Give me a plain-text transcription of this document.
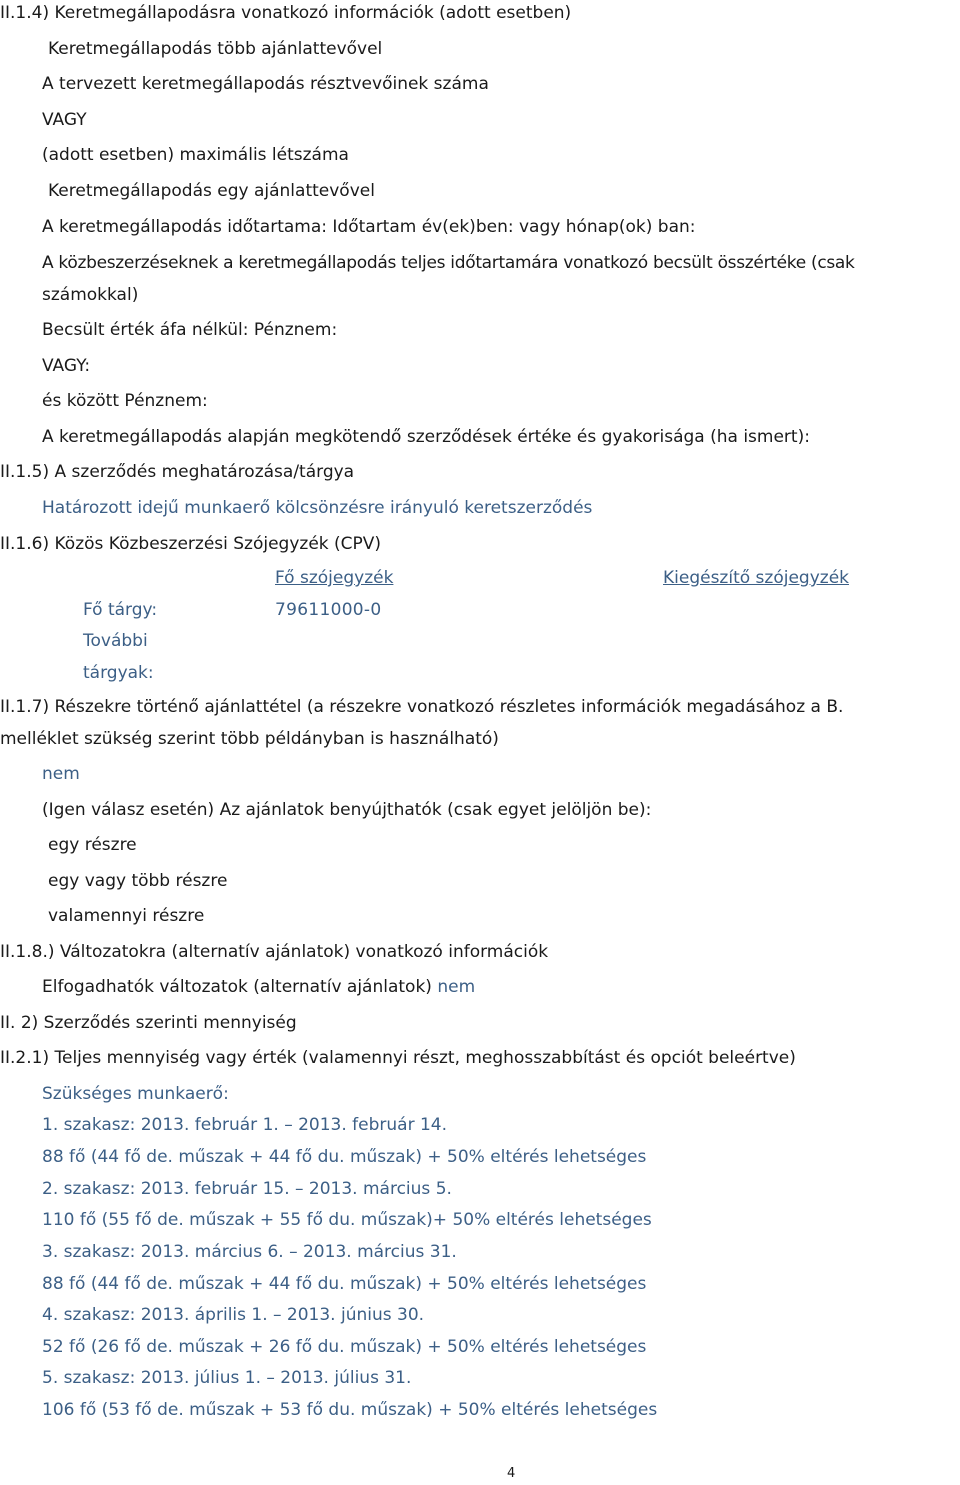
II.1.4) Keretmegállapodásra vonatkozó információk (adott esetben)

Keretmegállapodás több ajánlattevővel

A tervezett keretmegállapodás résztvevőinek száma

VAGY

(adott esetben) maximális létszáma

Keretmegállapodás egy ajánlattevővel

A keretmegállapodás időtartama: Időtartam év(ek)ben: vagy hónap(ok) ban:

A közbeszerzéseknek a keretmegállapodás teljes időtartamára vonatkozó becsült összértéke (csak

számokkal)

Becsült érték áfa nélkül: Pénznem:

VAGY:

és között Pénznem:

A keretmegállapodás alapján megkötendő szerződések értéke és gyakorisága (ha ismert):

II.1.5) A szerződés meghatározása/tárgya

Határozott idejű munkaerő kölcsönzésre irányuló keretszerződés

II.1.6) Közös Közbeszerzési Szójegyzék (CPV)

Fő szójegyzék	Kiegészítő szójegyzék

Fő tárgy:	79611000-0

További

tárgyak:

II.1.7) Részekre történő ajánlattétel (a részekre vonatkozó részletes információk megadásához a B.

melléklet szükség szerint több példányban is használható)

nem

(Igen válasz esetén) Az ajánlatok benyújthatók (csak egyet jelöljön be):

egy részre

egy vagy több részre

valamennyi részre

II.1.8.) Változatokra (alternatív ajánlatok) vonatkozó információk

Elfogadhatók változatok (alternatív ajánlatok) nem

II. 2) Szerződés szerinti mennyiség

II.2.1) Teljes mennyiség vagy érték (valamennyi részt, meghosszabbítást és opciót beleértve)

Szükséges munkaerő:

1. szakasz: 2013. február 1. – 2013. február 14.

88 fő (44 fő de. műszak + 44 fő du. műszak) + 50% eltérés lehetséges

2. szakasz: 2013. február 15. – 2013. március 5.

110 fő (55 fő de. műszak + 55 fő du. műszak)+ 50% eltérés lehetséges

3. szakasz: 2013. március 6. – 2013. március 31.

88 fő (44 fő de. műszak + 44 fő du. műszak) + 50% eltérés lehetséges

4. szakasz: 2013. április 1. – 2013. június 30.

52 fő (26 fő de. műszak + 26 fő du. műszak) + 50% eltérés lehetséges

5. szakasz: 2013. július 1. – 2013. július 31.

106 fő (53 fő de. műszak + 53 fő du. műszak) + 50% eltérés lehetséges

4
